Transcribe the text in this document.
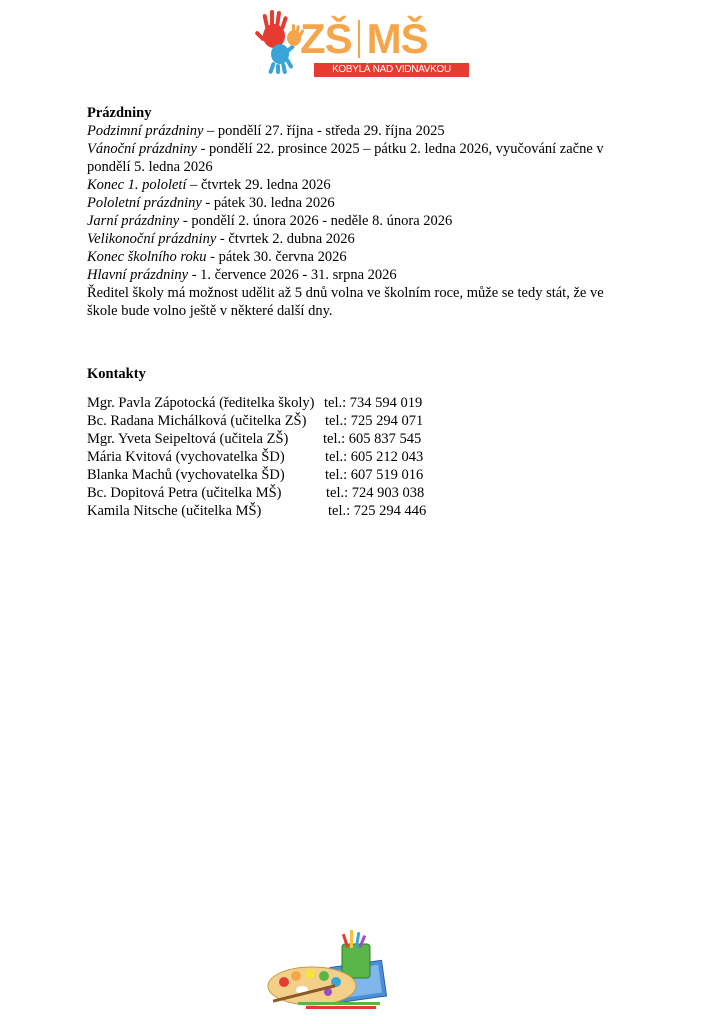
ZŠ MŠ
KOBYLÁ NAD VIDNAVKOU

Prázdniny

Podzimní prázdniny – pondělí 27. října - středa 29. října 2025

Vánoční prázdniny - pondělí 22. prosince 2025 – pátku 2. ledna 2026, vyučování začne v pondělí 5. ledna 2026

Konec 1. pololetí – čtvrtek 29. ledna 2026

Pololetní prázdniny - pátek 30. ledna 2026

Jarní prázdniny - pondělí 2. února 2026 - neděle 8. února 2026

Velikonoční prázdniny - čtvrtek 2. dubna 2026

Konec školního roku - pátek 30. června 2026

Hlavní prázdniny - 1. července 2026 - 31. srpna 2026

Ředitel školy má možnost udělit až 5 dnů volna ve školním roce, může se tedy stát, že ve škole bude volno ještě v některé další dny.

Kontakty

Mgr. Pavla Zápotocká (ředitelka školy) tel.: 734 594 019
Bc. Radana Michálková (učitelka ZŠ)	tel.: 725 294 071
Mgr. Yveta Seipeltová (učitela ZŠ)	tel.: 605 837 545
Mária Kvitová (vychovatelka ŠD)	tel.: 605 212 043
Blanka Machů (vychovatelka ŠD)	tel.: 607 519 016
Bc. Dopitová Petra (učitelka MŠ)	tel.: 724 903 038
Kamila Nitsche (učitelka MŠ)	tel.: 725 294 446
